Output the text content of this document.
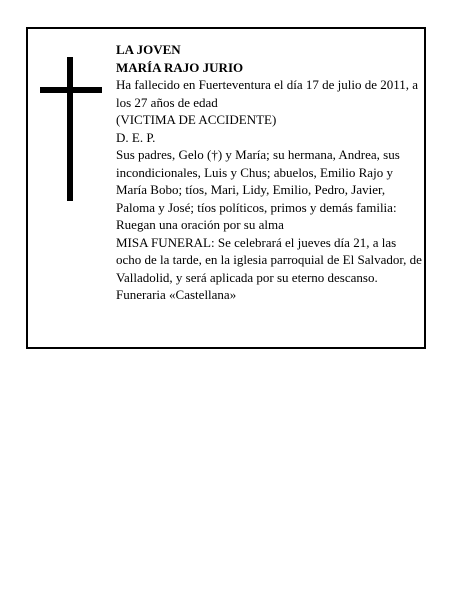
LA JOVEN

MARÍA RAJO JURIO

Ha fallecido en Fuerteventura el día 17 de julio de 2011, a los 27 años de edad

(VICTIMA DE ACCIDENTE)

D. E. P.

Sus padres, Gelo (†) y María; su hermana, Andrea, sus incondicionales, Luis y Chus; abuelos, Emilio Rajo y María Bobo; tíos, Mari, Lidy, Emilio, Pedro, Javier, Paloma y José; tíos políticos, primos y demás familia:

Ruegan una oración por su alma

MISA FUNERAL: Se celebrará el jueves día 21, a las ocho de la tarde, en la iglesia parroquial de El Salvador, de Valladolid, y será aplicada por su eterno descanso.

Funeraria «Castellana»
